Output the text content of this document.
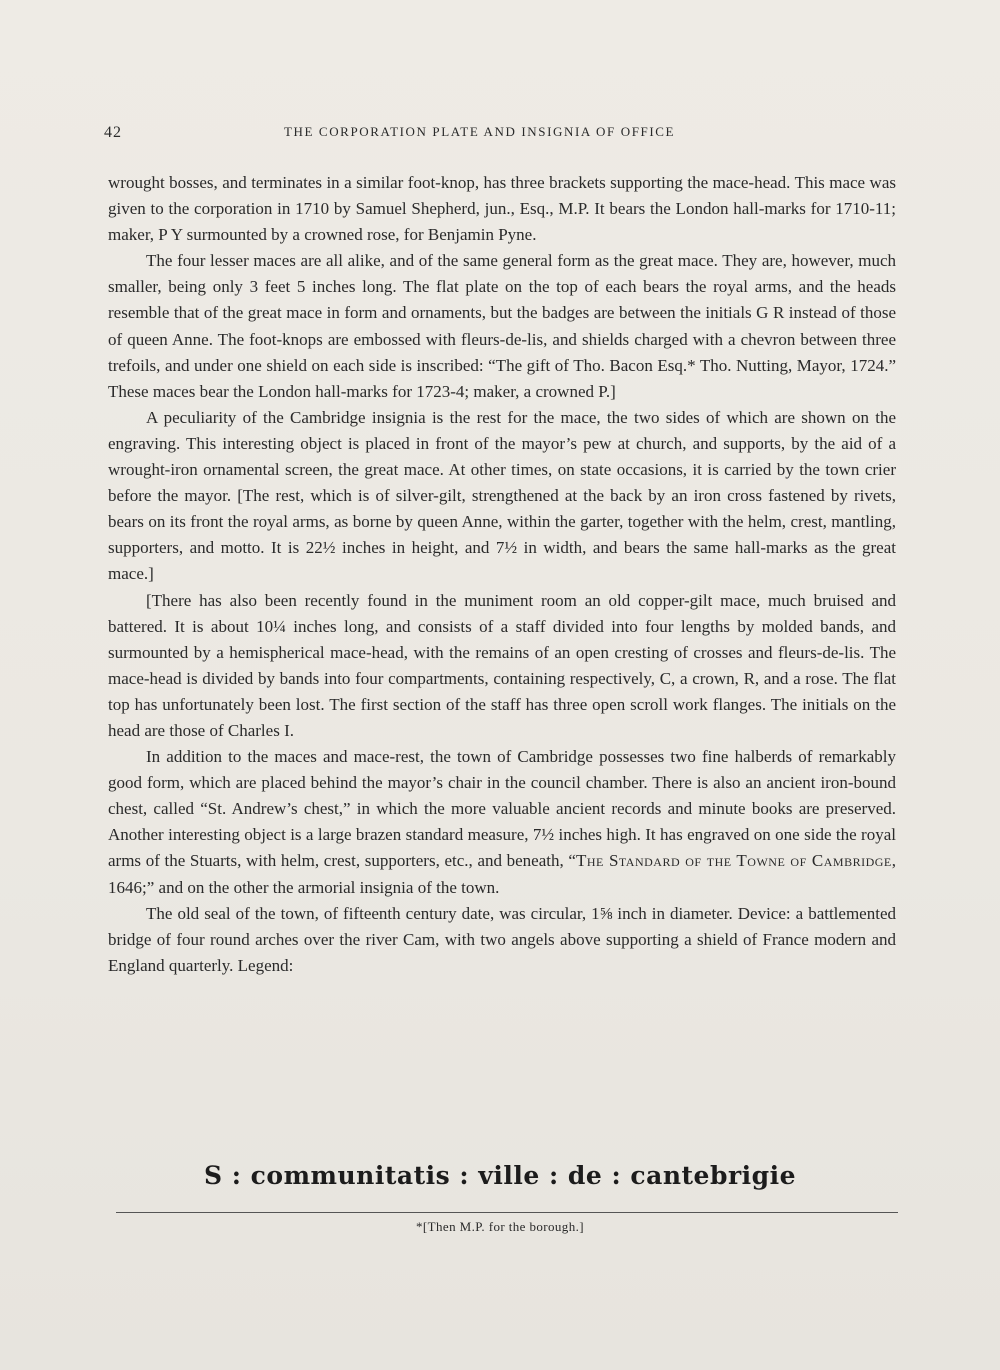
42	THE CORPORATION PLATE AND INSIGNIA OF OFFICE

wrought bosses, and terminates in a similar foot-knop, has three brackets supporting the mace-head. This mace was given to the corporation in 1710 by Samuel Shepherd, jun., Esq., M.P. It bears the London hall-marks for 1710-11; maker, P Y surmounted by a crowned rose, for Benjamin Pyne.

The four lesser maces are all alike, and of the same general form as the great mace. They are, however, much smaller, being only 3 feet 5 inches long. The flat plate on the top of each bears the royal arms, and the heads resemble that of the great mace in form and ornaments, but the badges are between the initials G R instead of those of queen Anne. The foot-knops are embossed with fleurs-de-lis, and shields charged with a chevron between three trefoils, and under one shield on each side is inscribed: “The gift of Tho. Bacon Esq.* Tho. Nutting, Mayor, 1724.” These maces bear the London hall-marks for 1723-4; maker, a crowned P.]

A peculiarity of the Cambridge insignia is the rest for the mace, the two sides of which are shown on the engraving. This interesting object is placed in front of the mayor’s pew at church, and supports, by the aid of a wrought-iron ornamental screen, the great mace. At other times, on state occasions, it is carried by the town crier before the mayor. [The rest, which is of silver-gilt, strengthened at the back by an iron cross fastened by rivets, bears on its front the royal arms, as borne by queen Anne, within the garter, together with the helm, crest, mantling, supporters, and motto. It is 22½ inches in height, and 7½ in width, and bears the same hall-marks as the great mace.]

[There has also been recently found in the muniment room an old copper-gilt mace, much bruised and battered. It is about 10¼ inches long, and consists of a staff divided into four lengths by molded bands, and surmounted by a hemispherical mace-head, with the remains of an open cresting of crosses and fleurs-de-lis. The mace-head is divided by bands into four compartments, containing respectively, C, a crown, R, and a rose. The flat top has unfortunately been lost. The first section of the staff has three open scroll work flanges. The initials on the head are those of Charles I.

In addition to the maces and mace-rest, the town of Cambridge possesses two fine halberds of remarkably good form, which are placed behind the mayor’s chair in the council chamber. There is also an ancient iron-bound chest, called “St. Andrew’s chest,” in which the more valuable ancient records and minute books are preserved. Another interesting object is a large brazen standard measure, 7½ inches high. It has engraved on one side the royal arms of the Stuarts, with helm, crest, supporters, etc., and beneath, “The Standard of the Towne of Cambridge, 1646;” and on the other the armorial insignia of the town.

The old seal of the town, of fifteenth century date, was circular, 1⅝ inch in diameter. Device: a battlemented bridge of four round arches over the river Cam, with two angels above supporting a shield of France modern and England quarterly. Legend:

S : communitatis : ville : de : cantebrigie
*[Then M.P. for the borough.]
